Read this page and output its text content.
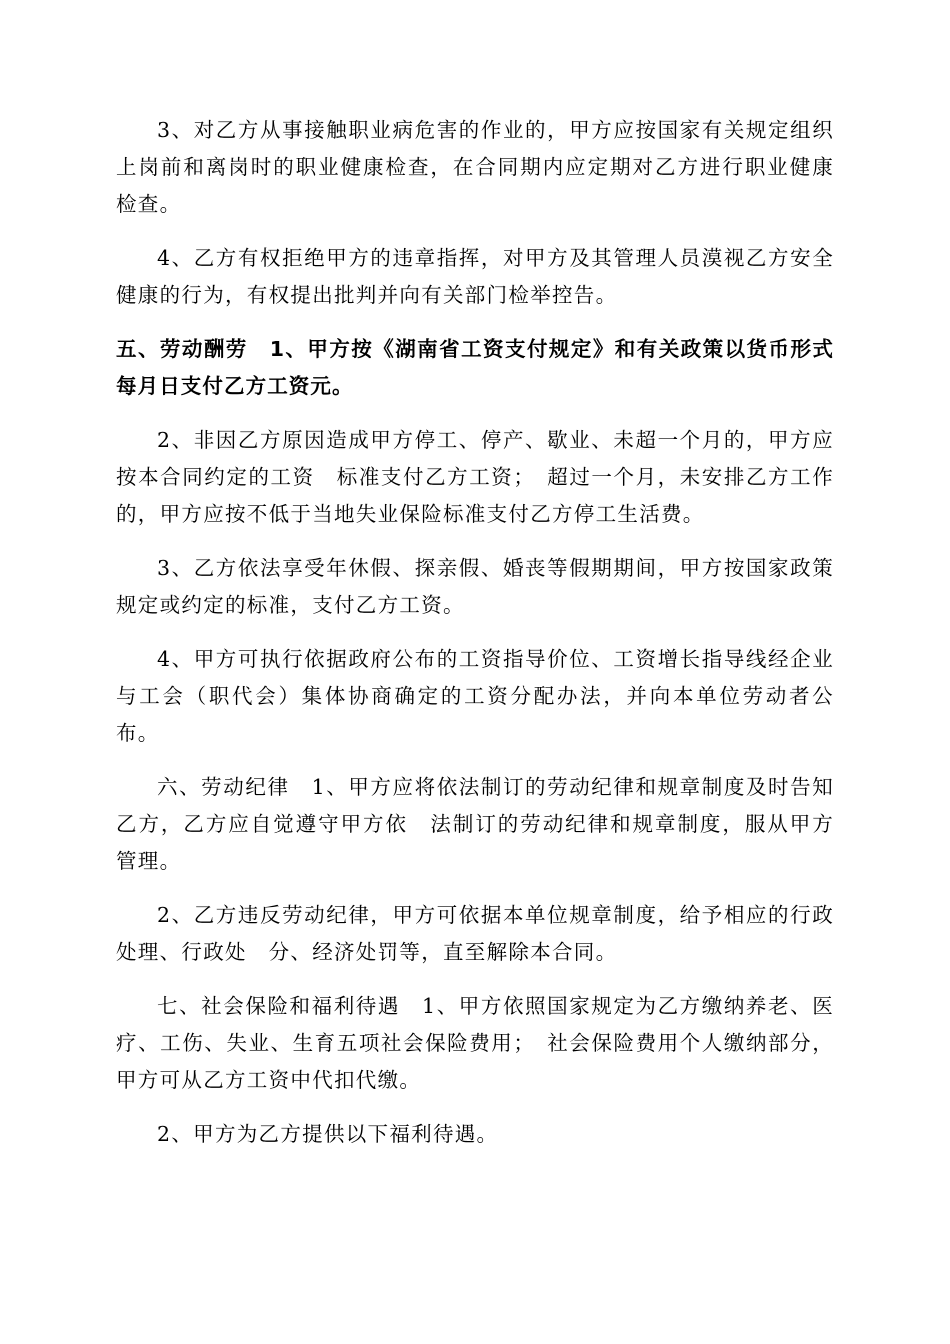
3、对乙方从事接触职业病危害的作业的，甲方应按国家有关规定组织上岗前和离岗时的职业健康检查，在合同期内应定期对乙方进行职业健康检查。

4、乙方有权拒绝甲方的违章指挥，对甲方及其管理人员漠视乙方安全健康的行为，有权提出批判并向有关部门检举控告。

五、劳动酬劳　1、甲方按《湖南省工资支付规定》和有关政策以货币形式每月日支付乙方工资元。

2、非因乙方原因造成甲方停工、停产、歇业、未超一个月的，甲方应按本合同约定的工资　标准支付乙方工资；　超过一个月，未安排乙方工作的，甲方应按不低于当地失业保险标准支付乙方停工生活费。

3、乙方依法享受年休假、探亲假、婚丧等假期期间，甲方按国家政策规定或约定的标准，支付乙方工资。

4、甲方可执行依据政府公布的工资指导价位、工资增长指导线经企业与工会（职代会）集体协商确定的工资分配办法，并向本单位劳动者公布。

六、劳动纪律　1、甲方应将依法制订的劳动纪律和规章制度及时告知乙方，乙方应自觉遵守甲方依　法制订的劳动纪律和规章制度，服从甲方管理。

2、乙方违反劳动纪律，甲方可依据本单位规章制度，给予相应的行政处理、行政处　分、经济处罚等，直至解除本合同。

七、社会保险和福利待遇　1、甲方依照国家规定为乙方缴纳养老、医疗、工伤、失业、生育五项社会保险费用；　社会保险费用个人缴纳部分，甲方可从乙方工资中代扣代缴。

2、甲方为乙方提供以下福利待遇。
